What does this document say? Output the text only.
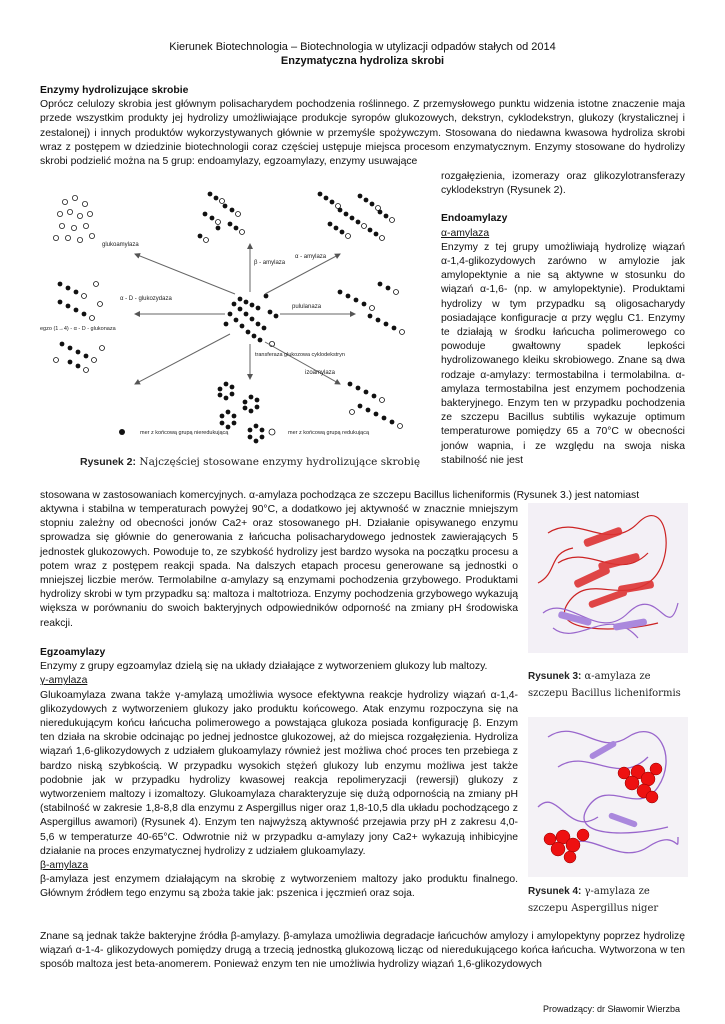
Kierunek Biotechnologia – Biotechnologia w utylizacji odpadów stałych od 2014
Enzymatyczna hydroliza skrobi

Enzymy hydrolizujące skrobie

Oprócz celulozy skrobia jest głównym polisacharydem pochodzenia roślinnego. Z przemysłowego punktu widzenia istotne znaczenie maja przede wszystkim produkty jej hydrolizy umożliwiające produkcje syropów glukozowych, dekstryn, cyklodekstryn, glukozy (krystalicznej i zestalonej) i innych produktów wykorzystywanych głównie w przemyśle spożywczym. Stosowana do niedawna kwasowa hydroliza skrobi wraz z postępem w dziedzinie biotechnologii coraz częściej ustępuje miejsca procesom enzymatycznym. Enzymy stosowane do hydrolizy skrobi podzielić można na 5 grup: endoamylazy, egzoamylazy, enzymy usuwające

rozgałęzienia, izomerazy oraz glikozylotransferazy cyklodekstryn (Rysunek 2).

Endoamylazy

α-amylaza

Enzymy z tej grupy umożliwiają hydrolizę wiązań α-1,4-glikozydowych zarówno w amylozie jak amylopektynie a nie są aktywne w stosunku do wiązań α-1,6- (np. w amylopektynie). Produktami hydrolizy w tym przypadku są oligosacharydy posiadające konfiguracje α przy węglu C1. Enzymy te działają w środku łańcucha polimerowego co powoduje gwałtowny spadek lepkości hydrolizowanego kleiku skrobiowego. Znane są dwa rodzaje α-amylazy: termostabilna i termolabilna. α-amylaza termostabilna jest enzymem pochodzenia bakteryjnego. Enzym ten w przypadku pochodzenia ze szczepu Bacillus subtilis wykazuje optimum temperaturowe pomiędzy 65 a 70°C w obecności jonów wapnia, i ze względu na swoja niska stabilność nie jest

glukoamylaza
β - amylaza
α - amylaza
α - D - glukozydaza
egzo (1→4) - α - D - glukonaza
pululanaza
transferaza glukozowa cyklodekstryn
izoamylaza
mer z końcową grupą nieredukującą	mer z końcową grupą redukującą
Rysunek 2: Najczęściej stosowane enzymy hydrolizujące skrobię

stosowana w zastosowaniach komercyjnych. α-amylaza pochodząca ze szczepu Bacillus licheniformis (Rysunek 3.) jest natomiast

aktywna i stabilna w temperaturach powyżej 90°C, a dodatkowo jej aktywność w znacznie mniejszym stopniu zależny od obecności jonów Ca2+ oraz stosowanego pH. Działanie opisywanego enzymu sprowadza się głównie do generowania z łańcucha polisacharydowego jednostek zawierających 5 jednostek glukozowych. Powoduje to, ze szybkość hydrolizy jest bardzo wysoka na początku procesu a potem wraz z postępem reakcji spada. Na dalszych etapach procesu generowane są jednostki o mniejszej liczbie merów. Termolabilne α-amylazy są enzymami pochodzenia grzybowego. Produktami hydrolizy skrobi w tym przypadku są: maltoza i maltotrioza. Enzymy pochodzenia grzybowego wykazują większa w porównaniu do swoich bakteryjnych odpowiedników odporność na zmiany pH środowiska reakcji.

Rysunek 3: α-amylaza ze szczepu Bacillus licheniformis

Egzoamylazy

Enzymy z grupy egzoamylaz dzielą się na układy działające z wytworzeniem glukozy lub maltozy.

γ-amylaza

Glukoamylaza zwana także γ-amylazą umożliwia wysoce efektywna reakcje hydrolizy wiązań α-1,4-glikozydowych z wytworzeniem glukozy jako produktu końcowego. Atak enzymu rozpoczyna się na nieredukującym końcu łańcucha polimerowego a powstająca glukoza posiada konfigurację β. Enzym ten działa na skrobie odcinając po jednej jednostce glukozowej, aż do miejsca rozgałęzienia. Hydroliza wiązań 1,6-glikozydowych z udziałem glukoamylazy również jest możliwa choć proces ten przebiega z bardzo niską szybkością. W przypadku wysokich stężeń glukozy lub enzymu możliwa jest także podobnie jak w przypadku hydrolizy kwasowej reakcja repolimeryzacji (rewersji) glukozy z wytworzeniem maltozy i izomaltozy. Glukoamylaza charakteryzuje się dużą odpornością na zmiany pH (stabilność w zakresie 1,8-8,8 dla enzymu z Aspergillus niger oraz 1,8-10,5 dla układu pochodzącego z Aspergillus awamori) (Rysunek 4). Enzym ten najwyższą aktywność przejawia przy pH z zakresu 4,0-5,6 w temperaturze 40-65°C. Odwrotnie niż w przypadku α-amylazy jony Ca2+ wykazują inhibicyjne działanie na proces enzymatycznej hydrolizy z udziałem glukoamylazy.

β-amylaza

β-amylaza jest enzymem działającym na skrobię z wytworzeniem maltozy jako produktu finalnego. Głównym źródłem tego enzymu są zboża takie jak: pszenica i jęczmień oraz soja.	Rysunek 4: γ-amylaza ze szczepu Aspergillus niger

Znane są jednak także bakteryjne źródła β-amylazy. β-amylaza umożliwia degradacje łańcuchów amylozy i amylopektyny poprzez hydrolizę wiązań α-1-4- glikozydowych pomiędzy drugą a trzecią jednostką glukozową licząc od nieredukującego końca łańcucha. Wytworzona w ten sposób maltoza jest beta-anomerem. Ponieważ enzym ten nie umożliwia hydrolizy wiązań 1,6-glikozydowych

Prowadzący: dr Sławomir Wierzba
